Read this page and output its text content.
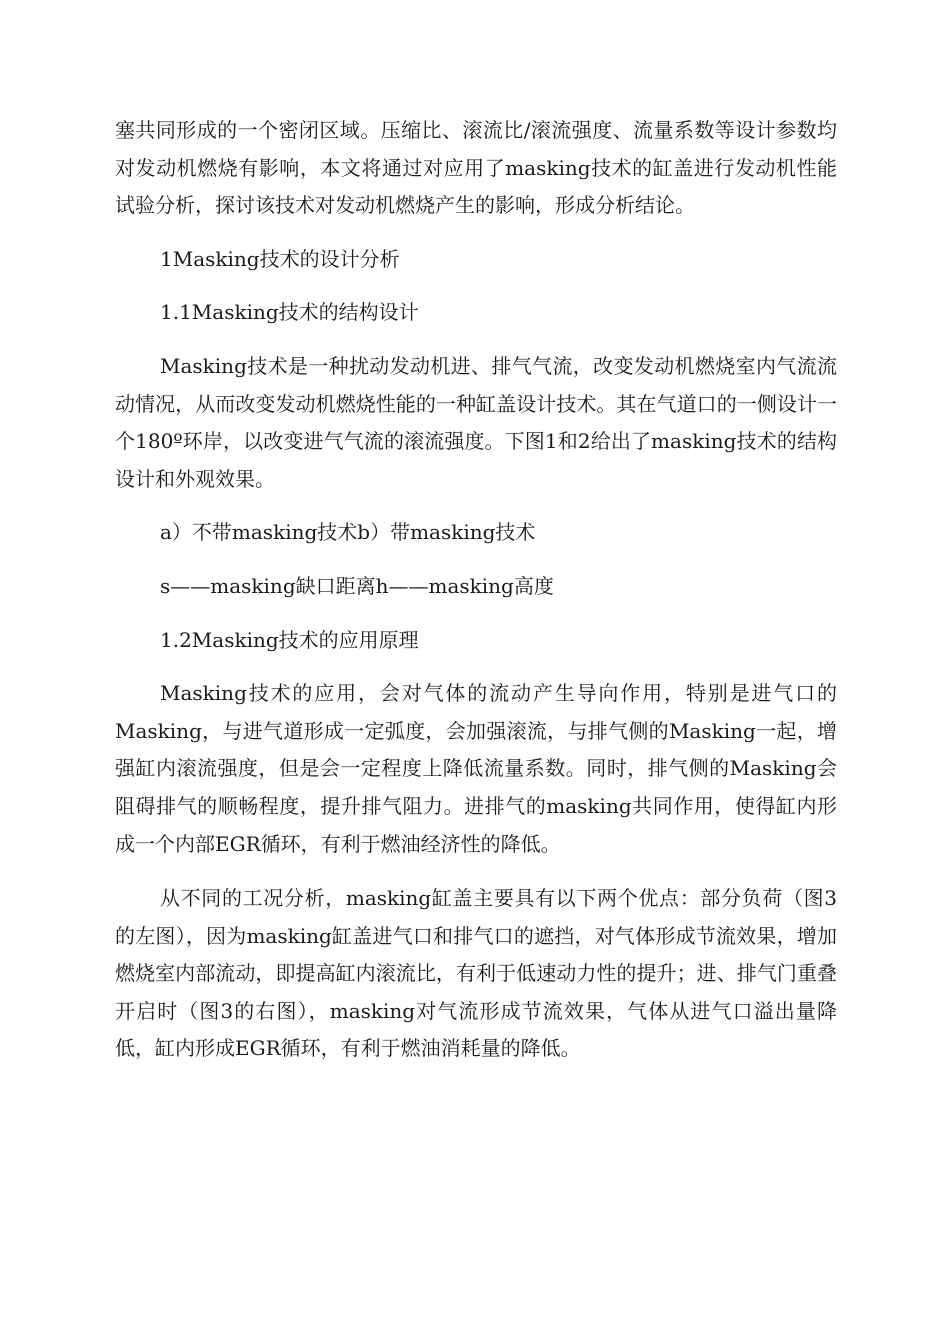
塞共同形成的一个密闭区域。压缩比、滚流比/滚流强度、流量系数等设计参数均对发动机燃烧有影响，本文将通过对应用了masking技术的缸盖进行发动机性能试验分析，探讨该技术对发动机燃烧产生的影响，形成分析结论。

1Masking技术的设计分析

1.1Masking技术的结构设计

Masking技术是一种扰动发动机进、排气气流，改变发动机燃烧室内气流流动情况，从而改变发动机燃烧性能的一种缸盖设计技术。其在气道口的一侧设计一个180º环岸，以改变进气气流的滚流强度。下图1和2给出了masking技术的结构设计和外观效果。

a）不带masking技术b）带masking技术

s——masking缺口距离h——masking高度

1.2Masking技术的应用原理

Masking技术的应用，会对气体的流动产生导向作用，特别是进气口的Masking，与进气道形成一定弧度，会加强滚流，与排气侧的Masking一起，增强缸内滚流强度，但是会一定程度上降低流量系数。同时，排气侧的Masking会阻碍排气的顺畅程度，提升排气阻力。进排气的masking共同作用，使得缸内形成一个内部EGR循环，有利于燃油经济性的降低。

从不同的工况分析，masking缸盖主要具有以下两个优点：部分负荷（图3的左图），因为masking缸盖进气口和排气口的遮挡，对气体形成节流效果，增加燃烧室内部流动，即提高缸内滚流比，有利于低速动力性的提升；进、排气门重叠开启时（图3的右图），masking对气流形成节流效果，气体从进气口溢出量降低，缸内形成EGR循环，有利于燃油消耗量的降低。
